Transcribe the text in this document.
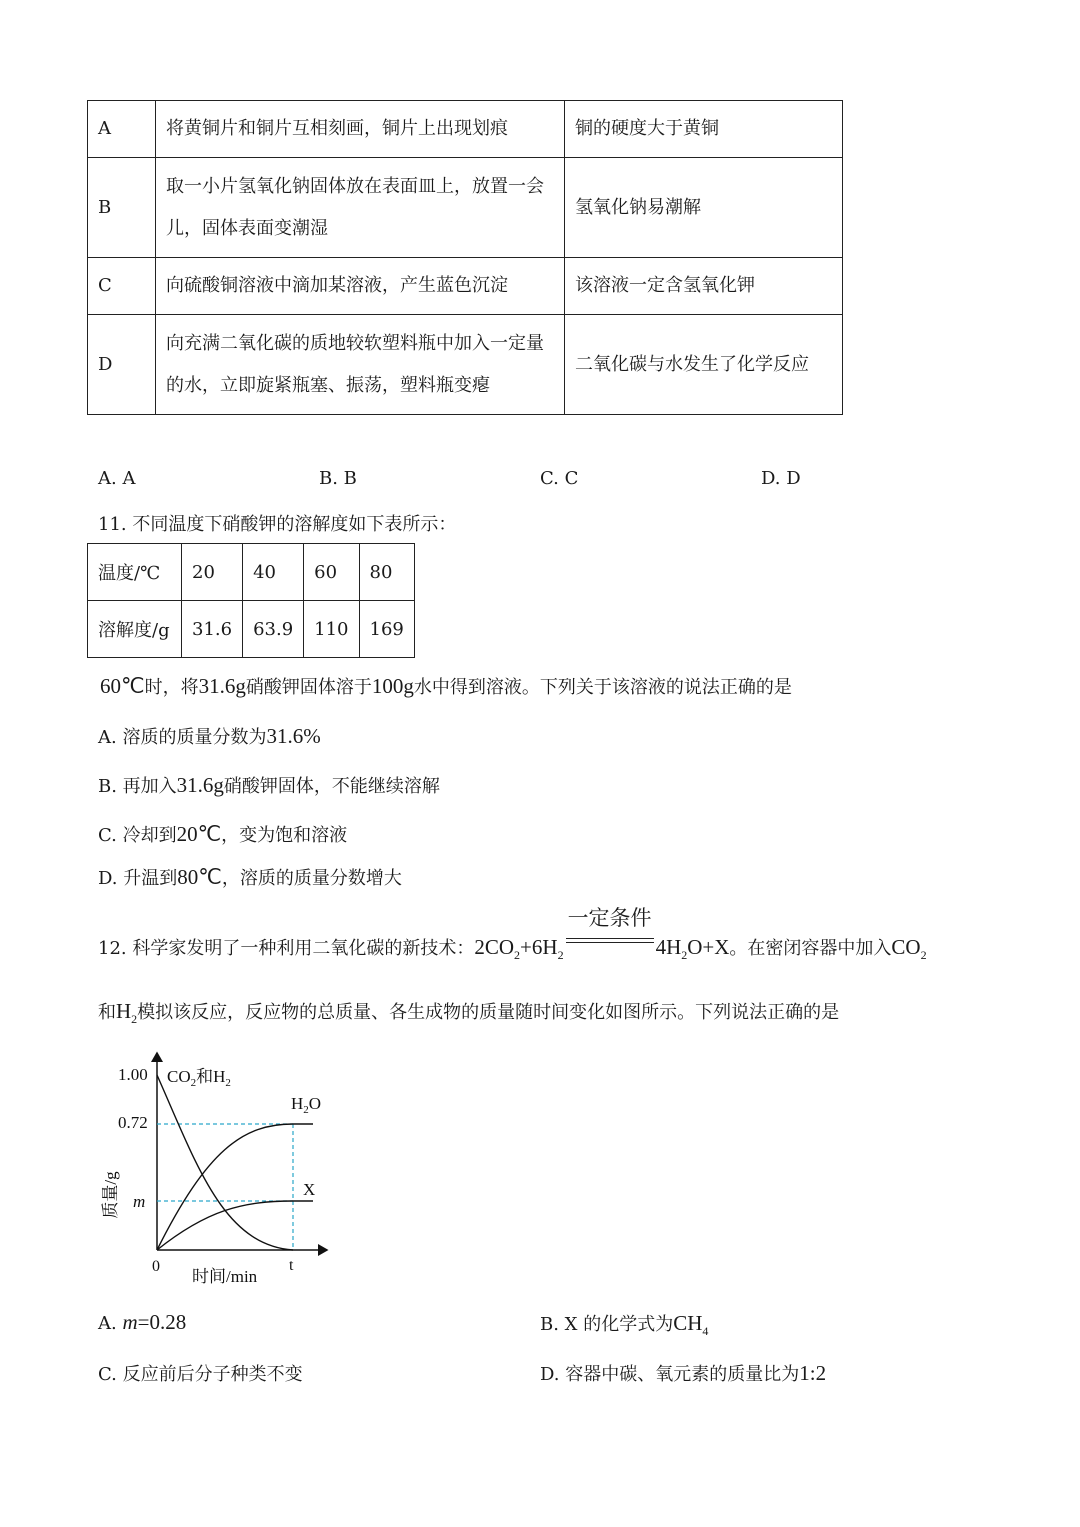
A	将黄铜片和铜片互相刻画，铜片上出现划痕	铜的硬度大于黄铜
B	取一小片氢氧化钠固体放在表面皿上，放置一会儿，固体表面变潮湿	氢氧化钠易潮解
C	向硫酸铜溶液中滴加某溶液，产生蓝色沉淀	该溶液一定含氢氧化钾
D	向充满二氧化碳的质地较软塑料瓶中加入一定量的水，立即旋紧瓶塞、振荡，塑料瓶变瘪	二氧化碳与水发生了化学反应
A. A	B. B	C. C	D. D
11. 不同温度下硝酸钾的溶解度如下表所示：
温度/℃	20	40	60	80
溶解度/g	31.6	63.9	110	169
60℃时，将31.6g硝酸钾固体溶于100g水中得到溶液。下列关于该溶液的说法正确的是
A. 溶质的质量分数为31.6%
B. 再加入31.6g硝酸钾固体，不能继续溶解
C. 冷却到20℃，变为饱和溶液
D. 升温到80℃，溶质的质量分数增大
12. 科学家发明了一种利用二氧化碳的新技术：$2CO_2+6H_2$
一定条件
$4H_2O+X$。在密闭容器中加入$CO_2$
和$H_2$模拟该反应，反应物的总质量、各生成物的质量随时间变化如图所示。下列说法正确的是
1.00
0.72
m
0	t
时间/min
质量/g
$CO_2$和$H_2$
$H_2O$
X
A. m=0.28	B. X 的化学式为$CH_4$
C. 反应前后分子种类不变	D. 容器中碳、氧元素的质量比为1:2
